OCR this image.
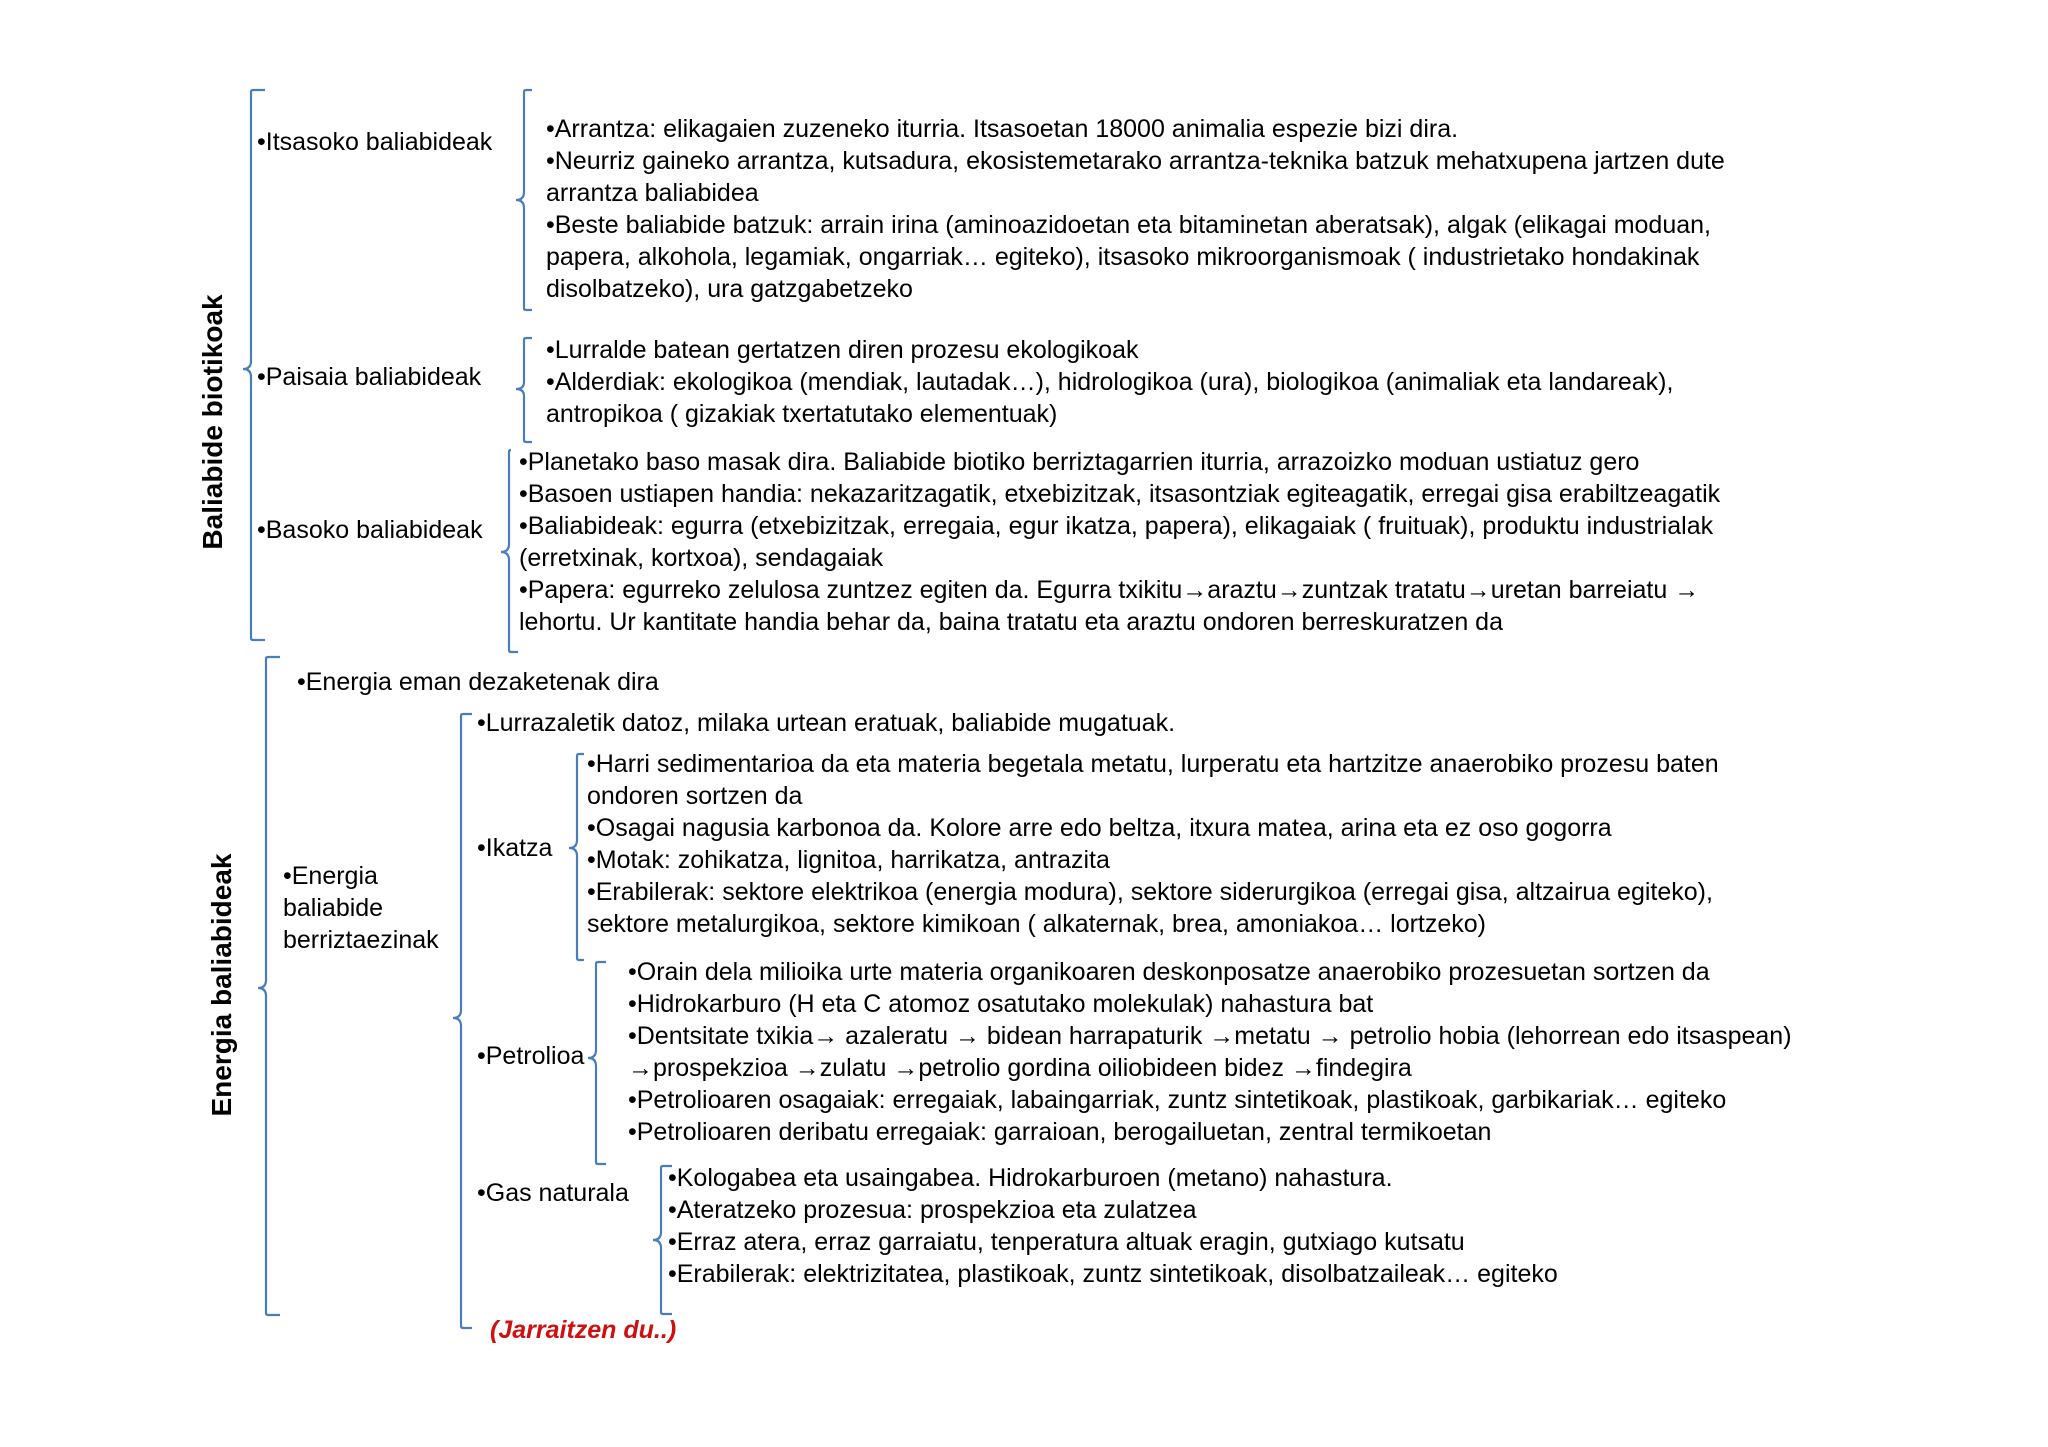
Baliabide biotikoak
Energia baliabideak
•Itsasoko baliabideak
•Paisaia baliabideak
•Basoko baliabideak
•Arrantza: elikagaien zuzeneko iturria. Itsasoetan 18000 animalia espezie bizi dira.
•Neurriz gaineko arrantza, kutsadura, ekosistemetarako arrantza-teknika batzuk mehatxupena jartzen dute
arrantza baliabidea
•Beste baliabide batzuk: arrain irina (aminoazidoetan eta bitaminetan aberatsak), algak (elikagai moduan,
papera, alkohola, legamiak, ongarriak… egiteko), itsasoko mikroorganismoak ( industrietako hondakinak
disolbatzeko), ura gatzgabetzeko
•Lurralde batean gertatzen diren prozesu ekologikoak
•Alderdiak: ekologikoa (mendiak, lautadak…), hidrologikoa (ura), biologikoa (animaliak eta landareak),
antropikoa ( gizakiak txertatutako elementuak)
•Planetako baso masak dira. Baliabide biotiko berriztagarrien iturria, arrazoizko moduan ustiatuz gero
•Basoen ustiapen handia: nekazaritzagatik, etxebizitzak, itsasontziak egiteagatik, erregai gisa erabiltzeagatik
•Baliabideak: egurra (etxebizitzak, erregaia, egur ikatza, papera), elikagaiak ( fruituak), produktu industrialak
(erretxinak, kortxoa), sendagaiak
•Papera: egurreko zelulosa zuntzez egiten da. Egurra txikitu→araztu→zuntzak tratatu→uretan barreiatu →
lehortu. Ur kantitate handia behar da, baina tratatu eta araztu ondoren berreskuratzen da
•Energia eman dezaketenak dira
•Energia
baliabide
berriztaezinak
•Lurrazaletik datoz, milaka urtean eratuak, baliabide mugatuak.
•Ikatza
•Petrolioa
•Gas naturala
•Harri sedimentarioa da eta materia begetala metatu, lurperatu eta hartzitze anaerobiko prozesu baten
ondoren sortzen da
•Osagai nagusia karbonoa da. Kolore arre edo beltza, itxura matea, arina eta ez oso gogorra
•Motak: zohikatza, lignitoa, harrikatza, antrazita
•Erabilerak: sektore elektrikoa (energia modura), sektore siderurgikoa (erregai gisa, altzairua egiteko),
sektore metalurgikoa, sektore kimikoan ( alkaternak, brea, amoniakoa… lortzeko)
•Orain dela milioika urte materia organikoaren deskonposatze anaerobiko prozesuetan sortzen da
•Hidrokarburo (H eta C atomoz osatutako molekulak) nahastura bat
•Dentsitate txikia→ azaleratu → bidean harrapaturik →metatu → petrolio hobia (lehorrean edo itsaspean)
→prospekzioa →zulatu →petrolio gordina oiliobideen bidez →findegira
•Petrolioaren osagaiak: erregaiak, labaingarriak, zuntz sintetikoak, plastikoak, garbikariak… egiteko
•Petrolioaren deribatu erregaiak: garraioan, berogailuetan, zentral termikoetan
•Kologabea eta usaingabea. Hidrokarburoen (metano) nahastura.
•Ateratzeko prozesua: prospekzioa eta zulatzea
•Erraz atera, erraz garraiatu, tenperatura altuak eragin, gutxiago kutsatu
•Erabilerak: elektrizitatea, plastikoak, zuntz sintetikoak, disolbatzaileak… egiteko
(Jarraitzen du..)
